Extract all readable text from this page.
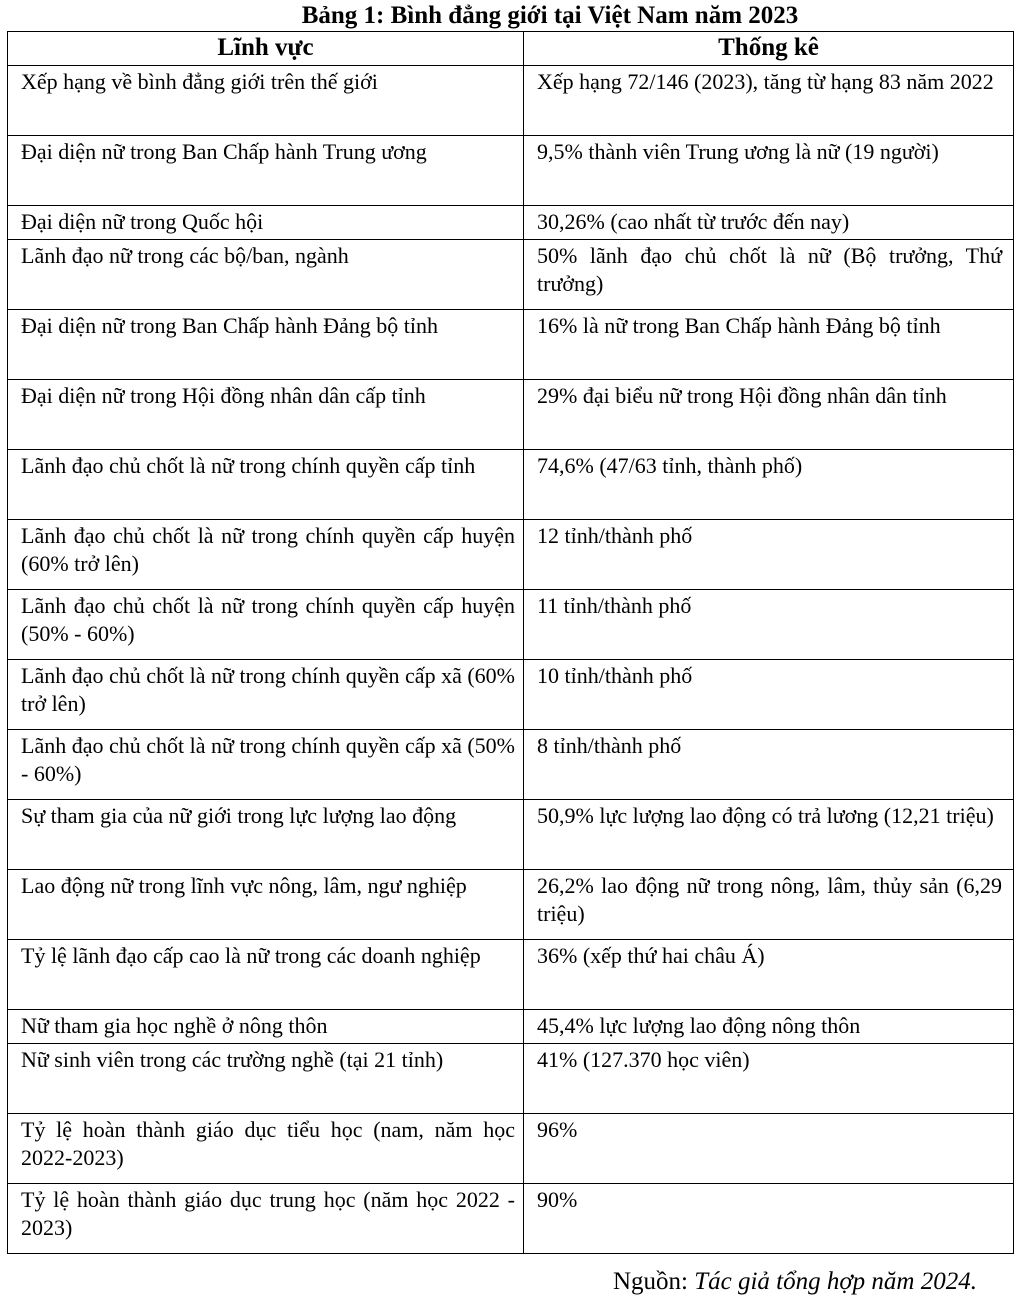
Bảng 1: Bình đẳng giới tại Việt Nam năm 2023
Lĩnh vực	Thống kê
Xếp hạng về bình đẳng giới trên thế giới	Xếp hạng 72/146 (2023), tăng từ hạng 83 năm 2022
Đại diện nữ trong Ban Chấp hành Trung ương	9,5% thành viên Trung ương là nữ (19 người)
Đại diện nữ trong Quốc hội	30,26% (cao nhất từ trước đến nay)
Lãnh đạo nữ trong các bộ/ban, ngành	50% lãnh đạo chủ chốt là nữ (Bộ trưởng, Thứ trưởng)
Đại diện nữ trong Ban Chấp hành Đảng bộ tỉnh	16% là nữ trong Ban Chấp hành Đảng bộ tỉnh
Đại diện nữ trong Hội đồng nhân dân cấp tỉnh	29% đại biểu nữ trong Hội đồng nhân dân tỉnh
Lãnh đạo chủ chốt là nữ trong chính quyền cấp tỉnh	74,6% (47/63 tỉnh, thành phố)
Lãnh đạo chủ chốt là nữ trong chính quyền cấp huyện (60% trở lên)	12 tỉnh/thành phố
Lãnh đạo chủ chốt là nữ trong chính quyền cấp huyện (50% - 60%)	11 tỉnh/thành phố
Lãnh đạo chủ chốt là nữ trong chính quyền cấp xã (60% trở lên)	10 tỉnh/thành phố
Lãnh đạo chủ chốt là nữ trong chính quyền cấp xã (50% - 60%)	8 tỉnh/thành phố
Sự tham gia của nữ giới trong lực lượng lao động	50,9% lực lượng lao động có trả lương (12,21 triệu)
Lao động nữ trong lĩnh vực nông, lâm, ngư nghiệp	26,2% lao động nữ trong nông, lâm, thủy sản (6,29 triệu)
Tỷ lệ lãnh đạo cấp cao là nữ trong các doanh nghiệp	36% (xếp thứ hai châu Á)
Nữ tham gia học nghề ở nông thôn	45,4% lực lượng lao động nông thôn
Nữ sinh viên trong các trường nghề (tại 21 tỉnh)	41% (127.370 học viên)
Tỷ lệ hoàn thành giáo dục tiểu học (nam, năm học 2022-2023)	96%
Tỷ lệ hoàn thành giáo dục trung học (năm học 2022 - 2023)	90%
Nguồn: Tác giả tổng hợp năm 2024.
